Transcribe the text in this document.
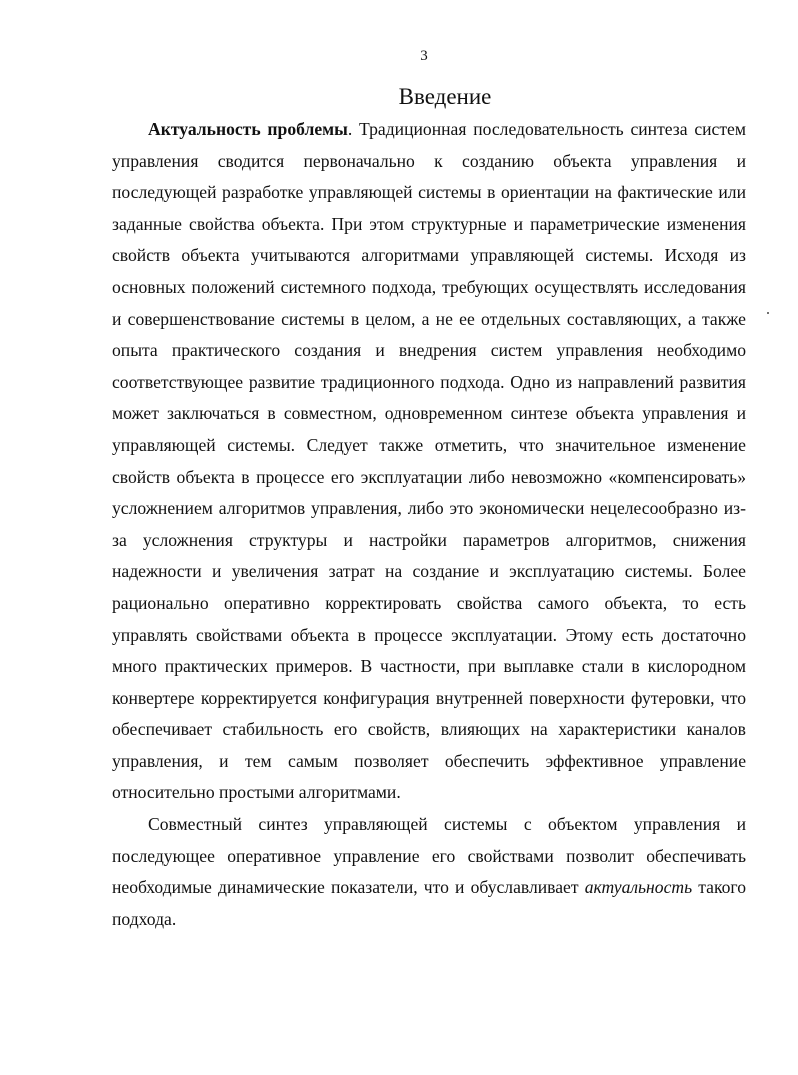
3
Введение

Актуальность проблемы. Традиционная последовательность синтеза систем управления сводится первоначально к созданию объекта управления и последующей разработке управляющей системы в ориентации на фактические или заданные свойства объекта. При этом структурные и параметрические изменения свойств объекта учитываются алгоритмами управляющей системы. Исходя из основных положений системного подхода, требующих осуществлять исследования и совершенствование системы в целом, а не ее отдельных составляющих, а также опыта практического создания и внедрения систем управления необходимо соответствующее развитие традиционного подхода. Одно из направлений развития может заключаться в совместном, одновременном синтезе объекта управления и управляющей системы. Следует также отметить, что значительное изменение свойств объекта в процессе его эксплуатации либо невозможно «компенсировать» усложнением алгоритмов управления, либо это экономически нецелесообразно из-за усложнения структуры и настройки параметров алгоритмов, снижения надежности и увеличения затрат на создание и эксплуатацию системы. Более рационально оперативно корректировать свойства самого объекта, то есть управлять свойствами объекта в процессе эксплуатации. Этому есть достаточно много практических примеров. В частности, при выплавке стали в кислородном конвертере корректируется конфигурация внутренней поверхности футеровки, что обеспечивает стабильность его свойств, влияющих на характеристики каналов управления, и тем самым позволяет обеспечить эффективное управление относительно простыми алгоритмами.

Совместный синтез управляющей системы с объектом управления и последующее оперативное управление его свойствами позволит обеспечивать необходимые динамические показатели, что и обуславливает актуальность такого подхода.
